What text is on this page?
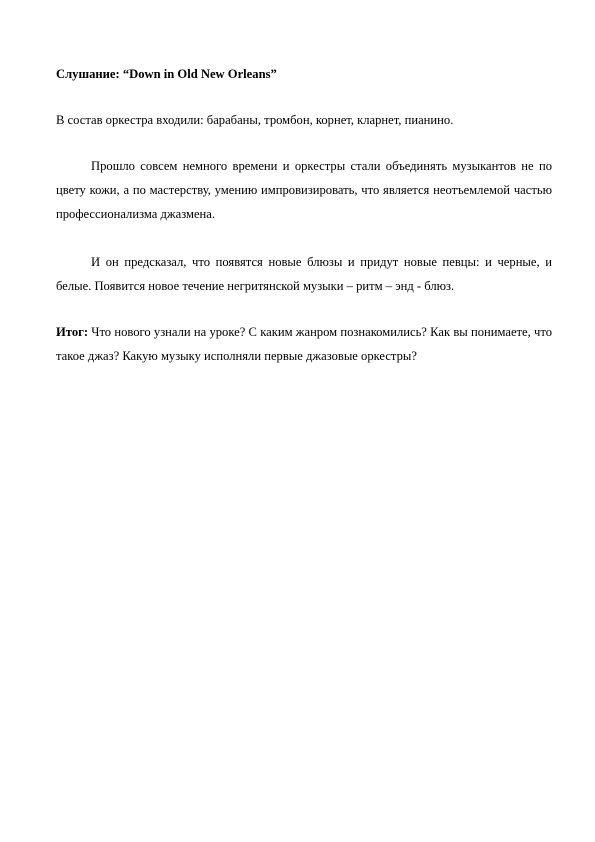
Слушание: “Down in Old New Orleans”

В состав оркестра входили: барабаны, тромбон, корнет, кларнет, пианино.

Прошло совсем немного времени и оркестры стали объединять музыкантов не по цвету кожи, а по мастерству, умению импровизировать, что является неотъемлемой частью профессионализма джазмена.

И он предсказал, что появятся новые блюзы и придут новые певцы: и черные, и белые. Появится новое течение негритянской музыки – ритм – энд - блюз.

Итог: Что нового узнали на уроке? С каким жанром познакомились? Как вы понимаете, что такое джаз? Какую музыку исполняли первые джазовые оркестры?
